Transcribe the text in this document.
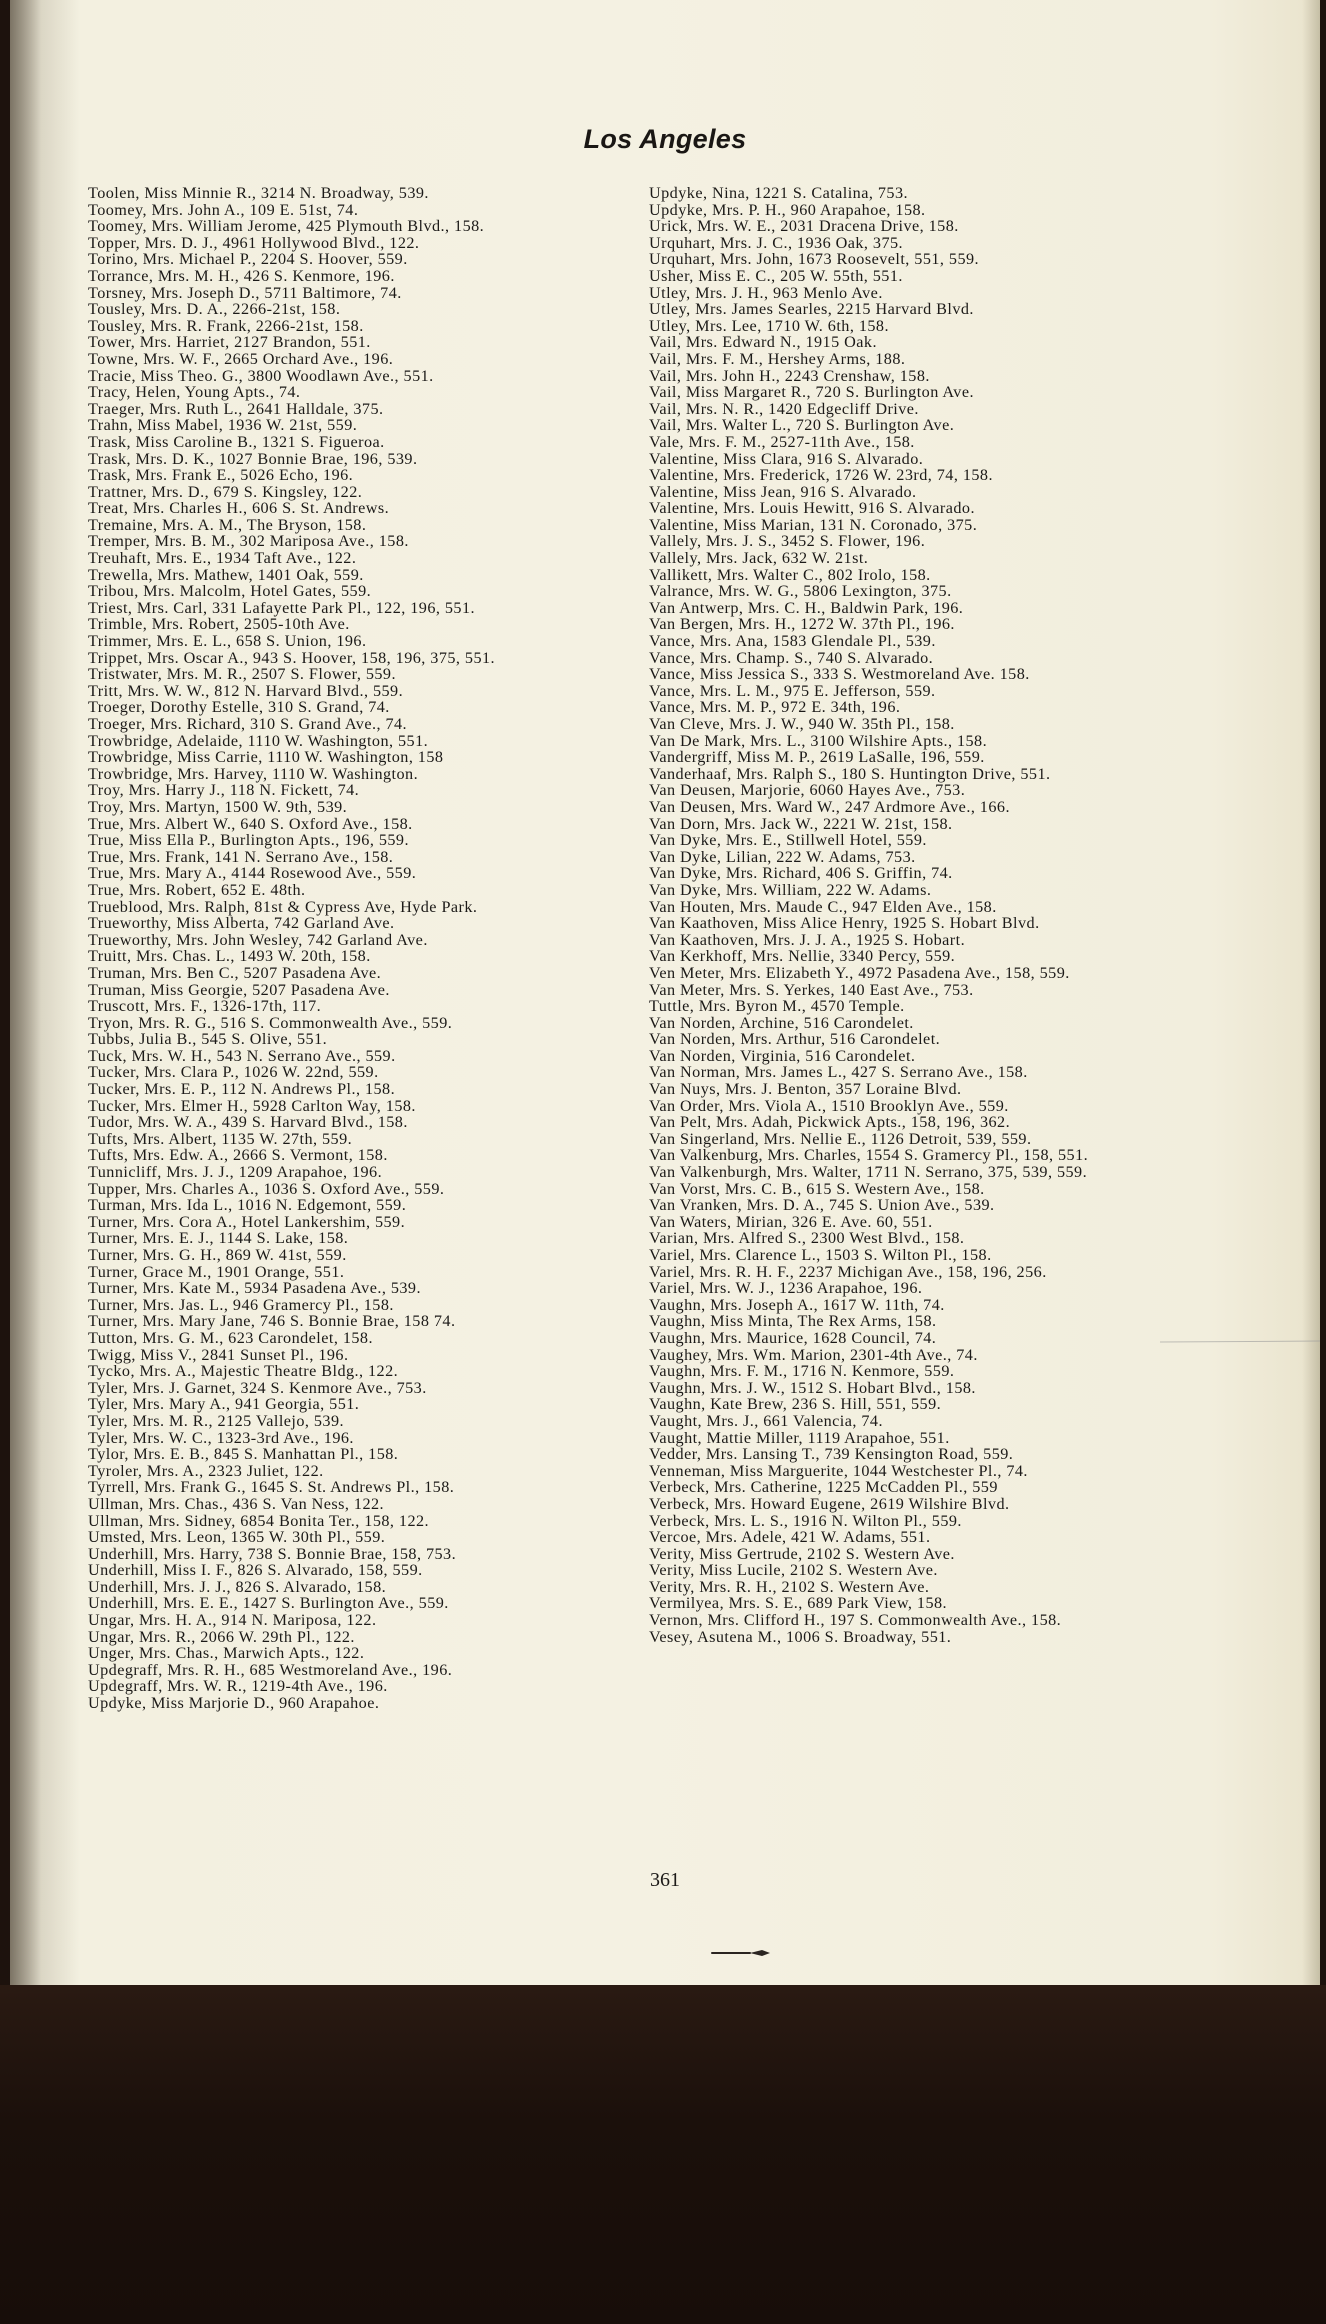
Los Angeles
Toolen, Miss Minnie R., 3214 N. Broadway, 539.
Toomey, Mrs. John A., 109 E. 51st, 74.
Toomey, Mrs. William Jerome, 425 Plymouth Blvd., 158.
Topper, Mrs. D. J., 4961 Hollywood Blvd., 122.
Torino, Mrs. Michael P., 2204 S. Hoover, 559.
Torrance, Mrs. M. H., 426 S. Kenmore, 196.
Torsney, Mrs. Joseph D., 5711 Baltimore, 74.
Tousley, Mrs. D. A., 2266-21st, 158.
Tousley, Mrs. R. Frank, 2266-21st, 158.
Tower, Mrs. Harriet, 2127 Brandon, 551.
Towne, Mrs. W. F., 2665 Orchard Ave., 196.
Tracie, Miss Theo. G., 3800 Woodlawn Ave., 551.
Tracy, Helen, Young Apts., 74.
Traeger, Mrs. Ruth L., 2641 Halldale, 375.
Trahn, Miss Mabel, 1936 W. 21st, 559.
Trask, Miss Caroline B., 1321 S. Figueroa.
Trask, Mrs. D. K., 1027 Bonnie Brae, 196, 539.
Trask, Mrs. Frank E., 5026 Echo, 196.
Trattner, Mrs. D., 679 S. Kingsley, 122.
Treat, Mrs. Charles H., 606 S. St. Andrews.
Tremaine, Mrs. A. M., The Bryson, 158.
Tremper, Mrs. B. M., 302 Mariposa Ave., 158.
Treuhaft, Mrs. E., 1934 Taft Ave., 122.
Trewella, Mrs. Mathew, 1401 Oak, 559.
Tribou, Mrs. Malcolm, Hotel Gates, 559.
Triest, Mrs. Carl, 331 Lafayette Park Pl., 122, 196, 551.
Trimble, Mrs. Robert, 2505-10th Ave.
Trimmer, Mrs. E. L., 658 S. Union, 196.
Trippet, Mrs. Oscar A., 943 S. Hoover, 158, 196, 375, 551.
Tristwater, Mrs. M. R., 2507 S. Flower, 559.
Tritt, Mrs. W. W., 812 N. Harvard Blvd., 559.
Troeger, Dorothy Estelle, 310 S. Grand, 74.
Troeger, Mrs. Richard, 310 S. Grand Ave., 74.
Trowbridge, Adelaide, 1110 W. Washington, 551.
Trowbridge, Miss Carrie, 1110 W. Washington, 158
Trowbridge, Mrs. Harvey, 1110 W. Washington.
Troy, Mrs. Harry J., 118 N. Fickett, 74.
Troy, Mrs. Martyn, 1500 W. 9th, 539.
True, Mrs. Albert W., 640 S. Oxford Ave., 158.
True, Miss Ella P., Burlington Apts., 196, 559.
True, Mrs. Frank, 141 N. Serrano Ave., 158.
True, Mrs. Mary A., 4144 Rosewood Ave., 559.
True, Mrs. Robert, 652 E. 48th.
Trueblood, Mrs. Ralph, 81st & Cypress Ave, Hyde Park.
Trueworthy, Miss Alberta, 742 Garland Ave.
Trueworthy, Mrs. John Wesley, 742 Garland Ave.
Truitt, Mrs. Chas. L., 1493 W. 20th, 158.
Truman, Mrs. Ben C., 5207 Pasadena Ave.
Truman, Miss Georgie, 5207 Pasadena Ave.
Truscott, Mrs. F., 1326-17th, 117.
Tryon, Mrs. R. G., 516 S. Commonwealth Ave., 559.
Tubbs, Julia B., 545 S. Olive, 551.
Tuck, Mrs. W. H., 543 N. Serrano Ave., 559.
Tucker, Mrs. Clara P., 1026 W. 22nd, 559.
Tucker, Mrs. E. P., 112 N. Andrews Pl., 158.
Tucker, Mrs. Elmer H., 5928 Carlton Way, 158.
Tudor, Mrs. W. A., 439 S. Harvard Blvd., 158.
Tufts, Mrs. Albert, 1135 W. 27th, 559.
Tufts, Mrs. Edw. A., 2666 S. Vermont, 158.
Tunnicliff, Mrs. J. J., 1209 Arapahoe, 196.
Tupper, Mrs. Charles A., 1036 S. Oxford Ave., 559.
Turman, Mrs. Ida L., 1016 N. Edgemont, 559.
Turner, Mrs. Cora A., Hotel Lankershim, 559.
Turner, Mrs. E. J., 1144 S. Lake, 158.
Turner, Mrs. G. H., 869 W. 41st, 559.
Turner, Grace M., 1901 Orange, 551.
Turner, Mrs. Kate M., 5934 Pasadena Ave., 539.
Turner, Mrs. Jas. L., 946 Gramercy Pl., 158.
Turner, Mrs. Mary Jane, 746 S. Bonnie Brae, 158 74.
Tutton, Mrs. G. M., 623 Carondelet, 158.
Twigg, Miss V., 2841 Sunset Pl., 196.
Tycko, Mrs. A., Majestic Theatre Bldg., 122.
Tyler, Mrs. J. Garnet, 324 S. Kenmore Ave., 753.
Tyler, Mrs. Mary A., 941 Georgia, 551.
Tyler, Mrs. M. R., 2125 Vallejo, 539.
Tyler, Mrs. W. C., 1323-3rd Ave., 196.
Tylor, Mrs. E. B., 845 S. Manhattan Pl., 158.
Tyroler, Mrs. A., 2323 Juliet, 122.
Tyrrell, Mrs. Frank G., 1645 S. St. Andrews Pl., 158.
Ullman, Mrs. Chas., 436 S. Van Ness, 122.
Ullman, Mrs. Sidney, 6854 Bonita Ter., 158, 122.
Umsted, Mrs. Leon, 1365 W. 30th Pl., 559.
Underhill, Mrs. Harry, 738 S. Bonnie Brae, 158, 753.
Underhill, Miss I. F., 826 S. Alvarado, 158, 559.
Underhill, Mrs. J. J., 826 S. Alvarado, 158.
Underhill, Mrs. E. E., 1427 S. Burlington Ave., 559.
Ungar, Mrs. H. A., 914 N. Mariposa, 122.
Ungar, Mrs. R., 2066 W. 29th Pl., 122.
Unger, Mrs. Chas., Marwich Apts., 122.
Updegraff, Mrs. R. H., 685 Westmoreland Ave., 196.
Updegraff, Mrs. W. R., 1219-4th Ave., 196.
Updyke, Miss Marjorie D., 960 Arapahoe.
Updyke, Nina, 1221 S. Catalina, 753.
Updyke, Mrs. P. H., 960 Arapahoe, 158.
Urick, Mrs. W. E., 2031 Dracena Drive, 158.
Urquhart, Mrs. J. C., 1936 Oak, 375.
Urquhart, Mrs. John, 1673 Roosevelt, 551, 559.
Usher, Miss E. C., 205 W. 55th, 551.
Utley, Mrs. J. H., 963 Menlo Ave.
Utley, Mrs. James Searles, 2215 Harvard Blvd.
Utley, Mrs. Lee, 1710 W. 6th, 158.
Vail, Mrs. Edward N., 1915 Oak.
Vail, Mrs. F. M., Hershey Arms, 188.
Vail, Mrs. John H., 2243 Crenshaw, 158.
Vail, Miss Margaret R., 720 S. Burlington Ave.
Vail, Mrs. N. R., 1420 Edgecliff Drive.
Vail, Mrs. Walter L., 720 S. Burlington Ave.
Vale, Mrs. F. M., 2527-11th Ave., 158.
Valentine, Miss Clara, 916 S. Alvarado.
Valentine, Mrs. Frederick, 1726 W. 23rd, 74, 158.
Valentine, Miss Jean, 916 S. Alvarado.
Valentine, Mrs. Louis Hewitt, 916 S. Alvarado.
Valentine, Miss Marian, 131 N. Coronado, 375.
Vallely, Mrs. J. S., 3452 S. Flower, 196.
Vallely, Mrs. Jack, 632 W. 21st.
Vallikett, Mrs. Walter C., 802 Irolo, 158.
Valrance, Mrs. W. G., 5806 Lexington, 375.
Van Antwerp, Mrs. C. H., Baldwin Park, 196.
Van Bergen, Mrs. H., 1272 W. 37th Pl., 196.
Vance, Mrs. Ana, 1583 Glendale Pl., 539.
Vance, Mrs. Champ. S., 740 S. Alvarado.
Vance, Miss Jessica S., 333 S. Westmoreland Ave. 158.
Vance, Mrs. L. M., 975 E. Jefferson, 559.
Vance, Mrs. M. P., 972 E. 34th, 196.
Van Cleve, Mrs. J. W., 940 W. 35th Pl., 158.
Van De Mark, Mrs. L., 3100 Wilshire Apts., 158.
Vandergriff, Miss M. P., 2619 LaSalle, 196, 559.
Vanderhaaf, Mrs. Ralph S., 180 S. Huntington Drive, 551.
Van Deusen, Marjorie, 6060 Hayes Ave., 753.
Van Deusen, Mrs. Ward W., 247 Ardmore Ave., 166.
Van Dorn, Mrs. Jack W., 2221 W. 21st, 158.
Van Dyke, Mrs. E., Stillwell Hotel, 559.
Van Dyke, Lilian, 222 W. Adams, 753.
Van Dyke, Mrs. Richard, 406 S. Griffin, 74.
Van Dyke, Mrs. William, 222 W. Adams.
Van Houten, Mrs. Maude C., 947 Elden Ave., 158.
Van Kaathoven, Miss Alice Henry, 1925 S. Hobart Blvd.
Van Kaathoven, Mrs. J. J. A., 1925 S. Hobart.
Van Kerkhoff, Mrs. Nellie, 3340 Percy, 559.
Ven Meter, Mrs. Elizabeth Y., 4972 Pasadena Ave., 158, 559.
Van Meter, Mrs. S. Yerkes, 140 East Ave., 753.
Tuttle, Mrs. Byron M., 4570 Temple.
Van Norden, Archine, 516 Carondelet.
Van Norden, Mrs. Arthur, 516 Carondelet.
Van Norden, Virginia, 516 Carondelet.
Van Norman, Mrs. James L., 427 S. Serrano Ave., 158.
Van Nuys, Mrs. J. Benton, 357 Loraine Blvd.
Van Order, Mrs. Viola A., 1510 Brooklyn Ave., 559.
Van Pelt, Mrs. Adah, Pickwick Apts., 158, 196, 362.
Van Singerland, Mrs. Nellie E., 1126 Detroit, 539, 559.
Van Valkenburg, Mrs. Charles, 1554 S. Gramercy Pl., 158, 551.
Van Valkenburgh, Mrs. Walter, 1711 N. Serrano, 375, 539, 559.
Van Vorst, Mrs. C. B., 615 S. Western Ave., 158.
Van Vranken, Mrs. D. A., 745 S. Union Ave., 539.
Van Waters, Mirian, 326 E. Ave. 60, 551.
Varian, Mrs. Alfred S., 2300 West Blvd., 158.
Variel, Mrs. Clarence L., 1503 S. Wilton Pl., 158.
Variel, Mrs. R. H. F., 2237 Michigan Ave., 158, 196, 256.
Variel, Mrs. W. J., 1236 Arapahoe, 196.
Vaughn, Mrs. Joseph A., 1617 W. 11th, 74.
Vaughn, Miss Minta, The Rex Arms, 158.
Vaughn, Mrs. Maurice, 1628 Council, 74.
Vaughey, Mrs. Wm. Marion, 2301-4th Ave., 74.
Vaughn, Mrs. F. M., 1716 N. Kenmore, 559.
Vaughn, Mrs. J. W., 1512 S. Hobart Blvd., 158.
Vaughn, Kate Brew, 236 S. Hill, 551, 559.
Vaught, Mrs. J., 661 Valencia, 74.
Vaught, Mattie Miller, 1119 Arapahoe, 551.
Vedder, Mrs. Lansing T., 739 Kensington Road, 559.
Venneman, Miss Marguerite, 1044 Westchester Pl., 74.
Verbeck, Mrs. Catherine, 1225 McCadden Pl., 559
Verbeck, Mrs. Howard Eugene, 2619 Wilshire Blvd.
Verbeck, Mrs. L. S., 1916 N. Wilton Pl., 559.
Vercoe, Mrs. Adele, 421 W. Adams, 551.
Verity, Miss Gertrude, 2102 S. Western Ave.
Verity, Miss Lucile, 2102 S. Western Ave.
Verity, Mrs. R. H., 2102 S. Western Ave.
Vermilyea, Mrs. S. E., 689 Park View, 158.
Vernon, Mrs. Clifford H., 197 S. Commonwealth Ave., 158.
Vesey, Asutena M., 1006 S. Broadway, 551.
361
